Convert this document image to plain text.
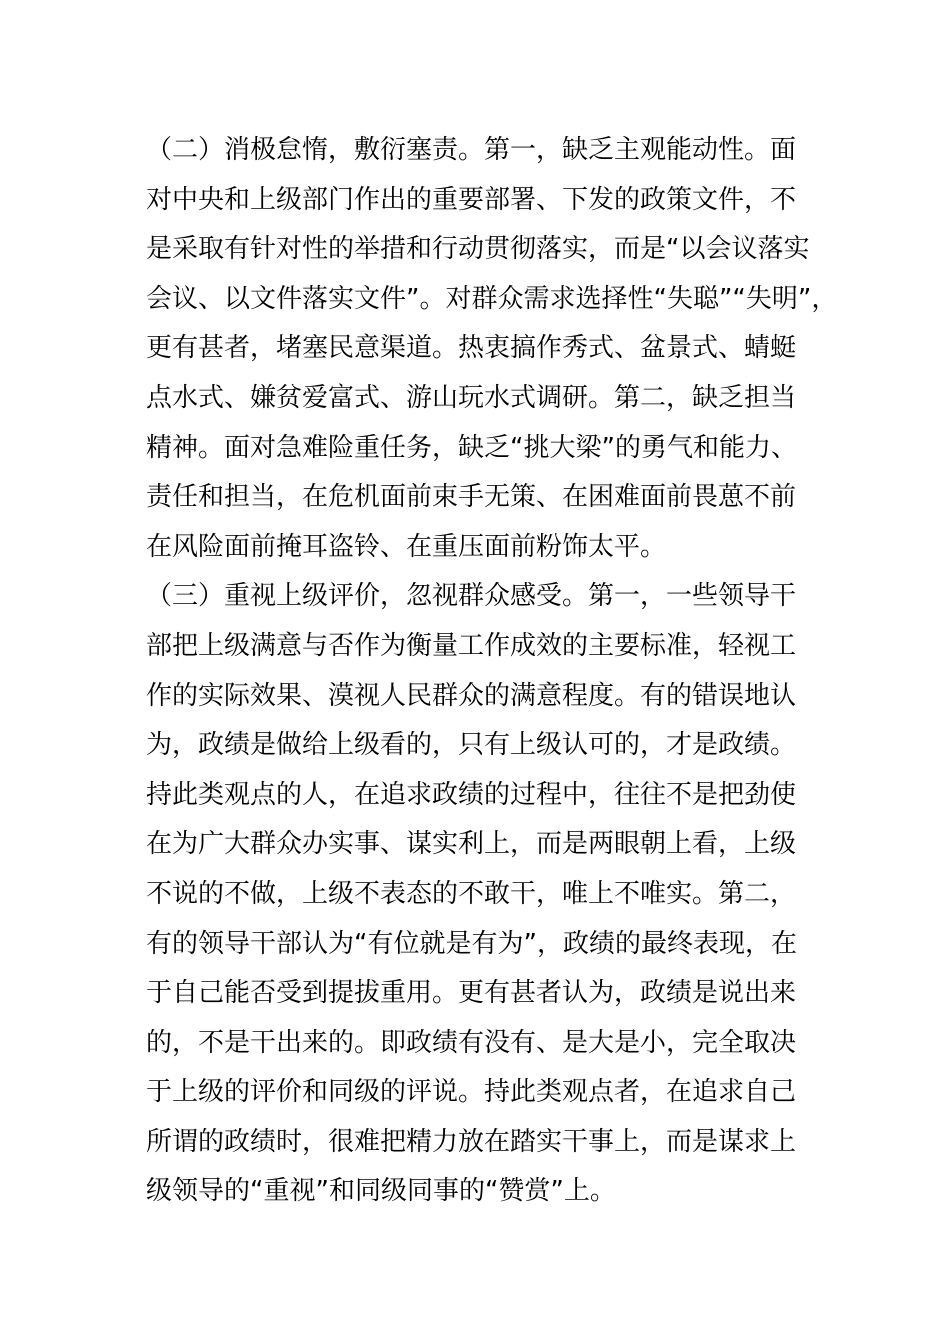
（二）消极怠惰，敷衍塞责。第一，缺乏主观能动性。面
对中央和上级部门作出的重要部署、下发的政策文件，不
是采取有针对性的举措和行动贯彻落实，而是“以会议落实
会议、以文件落实文件”。对群众需求选择性“失聪”“失明”，
更有甚者，堵塞民意渠道。热衷搞作秀式、盆景式、蜻蜓
点水式、嫌贫爱富式、游山玩水式调研。第二，缺乏担当
精神。面对急难险重任务，缺乏“挑大梁”的勇气和能力、
责任和担当，在危机面前束手无策、在困难面前畏葸不前
在风险面前掩耳盗铃、在重压面前粉饰太平。
（三）重视上级评价，忽视群众感受。第一，一些领导干
部把上级满意与否作为衡量工作成效的主要标准，轻视工
作的实际效果、漠视人民群众的满意程度。有的错误地认
为，政绩是做给上级看的，只有上级认可的，才是政绩。
持此类观点的人，在追求政绩的过程中，往往不是把劲使
在为广大群众办实事、谋实利上，而是两眼朝上看，上级
不说的不做，上级不表态的不敢干，唯上不唯实。第二，
有的领导干部认为“有位就是有为”，政绩的最终表现，在
于自己能否受到提拔重用。更有甚者认为，政绩是说出来
的，不是干出来的。即政绩有没有、是大是小，完全取决
于上级的评价和同级的评说。持此类观点者，在追求自己
所谓的政绩时，很难把精力放在踏实干事上，而是谋求上
级领导的“重视”和同级同事的“赞赏”上。
